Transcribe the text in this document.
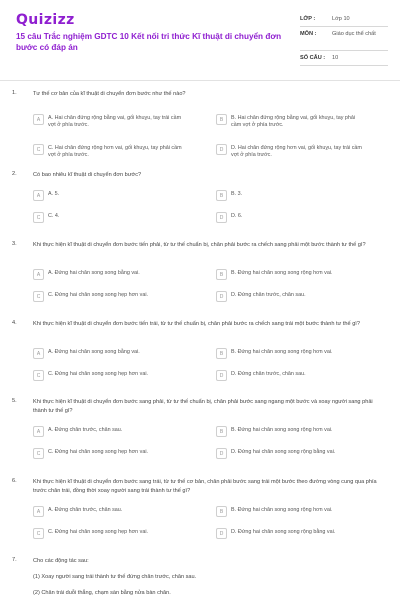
Quizizz
15 câu Trắc nghiệm GDTC 10 Kết nối tri thức Kĩ thuật di chuyển đơn bước có đáp án
LỚP :	Lớp 10
MÔN :	Giáo dục thể chất
SỐ CÂU :	10
1.	Tư thế cơ bản của kĩ thuật di chuyển đơn bước như thế nào?
A	A. Hai chân đứng rộng bằng vai, gối khuỵu, tay trái cầm vợt ở phía trước.
B	B. Hai chân đứng rộng bằng vai, gối khuỵu, tay phải cầm vợt ở phía trước.
C	C. Hai chân đứng rộng hơn vai, gối khuỵu, tay phải cầm vợt ở phía trước.
D	D. Hai chân đứng rộng hơn vai, gối khuỵu, tay trái cầm vợt ở phía trước.
2.	Có bao nhiêu kĩ thuật di chuyển đơn bước?
A	A. 5.	B	B. 3.
C	C. 4.	D	D. 6.
3.	Khi thực hiện kĩ thuật di chuyển đơn bước tiến phải, từ tư thế chuẩn bị, chân phải bước ra chếch sang phải một bước thành tư thế gì?
A	A. Đứng hai chân song song bằng vai.	B	B. Đứng hai chân song song rộng hơn vai.
C	C. Đứng hai chân song song hẹp hơn vai.	D	D. Đứng chân trước, chân sau.
4.	Khi thực hiện kĩ thuật di chuyển đơn bước tiến trái, từ tư thế chuẩn bị, chân phải bước ra chếch sang trái một bước thành tư thế gì?
A	A. Đứng hai chân song song bằng vai.	B	B. Đứng hai chân song song rộng hơn vai.
C	C. Đứng hai chân song song hẹp hơn vai.	D	D. Đứng chân trước, chân sau.
5.	Khi thực hiện kĩ thuật di chuyển đơn bước sang phải, từ tư thế chuẩn bị, chân phải bước sang ngang một bước và xoay người sang phải thành tư thế gì?
A	A. Đứng chân trước, chân sau.	B	B. Đứng hai chân song song rộng hơn vai.
C	C. Đứng hai chân song song hẹp hơn vai.	D	D. Đứng hai chân song song rộng bằng vai.
6.	Khi thực hiện kĩ thuật di chuyển đơn bước sang trái, từ tư thế cơ bản, chân phải bước sang trái một bước theo đường vòng cung qua phía trước chân trái, đồng thời xoay người sang trái thành tư thế gì?
A	A. Đứng chân trước, chân sau.	B	B. Đứng hai chân song song rộng hơn vai.
C	C. Đứng hai chân song song hẹp hơn vai.	D	D. Đứng hai chân song song rộng bằng vai.
7.	Cho các động tác sau:
(1) Xoay người sang trái thành tư thế đứng chân trước, chân sau.
(2) Chân trái duỗi thẳng, chạm sàn bằng nửa bàn chân.
